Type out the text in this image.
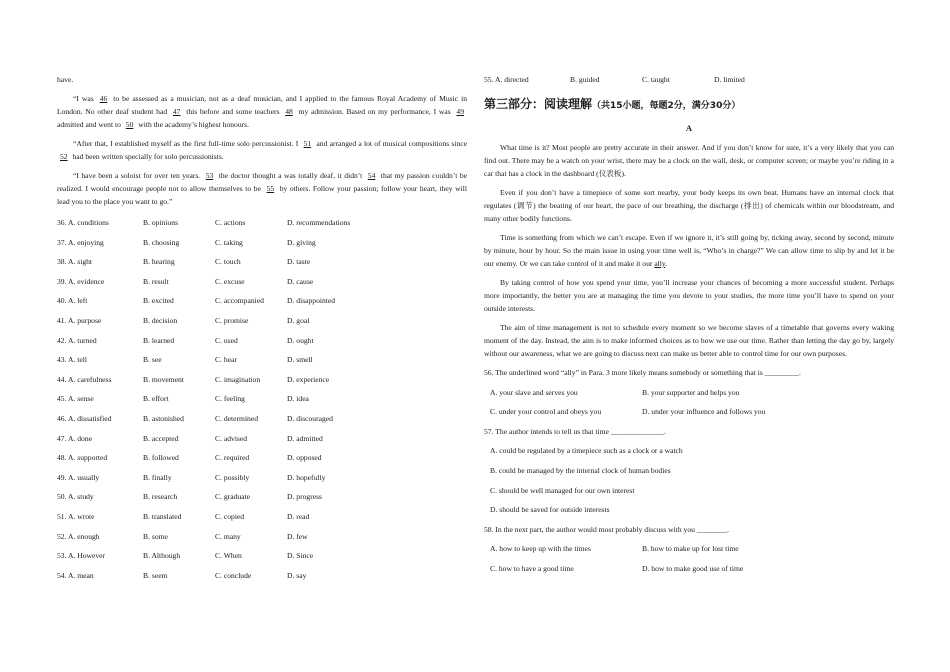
have.

“I was 46 to be assessed as a musician, not as a deaf musician, and I applied to the famous Royal Academy of Music in London. No other deaf student had 47 this before and some teachers 48 my admission. Based on my performance, I was 49 admitted and went to 50 with the academy’s highest honours.

“After that, I established myself as the first full-time solo percussionist. I 51 and arranged a lot of musical compositions since 52 had been written specially for solo percussionists.

“I have been a soloist for over ten years. 53 the doctor thought a was totally deaf, it didn’t 54 that my passion couldn’t be realized. I would encourage people not to allow themselves to be 55 by others. Follow your passion; follow your heart, they will lead you to the place you want to go.”

36. A. conditions	B. opinions	C. actions	D. recommendations
37. A. enjoying	B. choosing	C. taking	D. giving
38. A. sight	B. hearing	C. touch	D. taste
39. A. evidence	B. result	C. excuse	D. cause
40. A. left	B. excited	C. accompanied	D. disappointed
41. A. purpose	B. decision	C. promise	D. goal
42. A. turned	B. learned	C. used	D. ought
43. A. tell	B. see	C. hear	D. smell
44. A. carefulness	B. movement	C. imagination	D. experience
45. A. sense	B. effort	C. feeling	D. idea
46. A. dissatisfied	B. astonished	C. determined	D. discouraged
47. A. done	B. accepted	C. advised	D. admitted
48. A. supported	B. followed	C. required	D. opposed
49. A. usually	B. finally	C. possibly	D. hopefully
50. A. study	B. research	C. graduate	D. progress
51. A. wrote	B. translated	C. copied	D. read
52. A. enough	B. some	C. many	D. few
53. A. However	B. Although	C. When	D. Since
54. A. mean	B. seem	C. conclude	D. say
55. A. directed	B. guided	C. taught	D. limited
第三部分：阅读理解（共15小题，每题2分，满分30分）
A

What time is it? Most people are pretty accurate in their answer. And if you don’t know for sure, it’s a very likely that you can find out. There may be a watch on your wrist, there may be a clock on the wall, desk, or computer screen; or maybe you’re riding in a car that has a clock in the dashboard (仪表板).

Even if you don’t have a timepiece of some sort nearby, your body keeps its own beat. Humans have an internal clock that regulates (调节) the beating of our heart, the pace of our breathing, the discharge (排出) of chemicals within our bloodstream, and many other bodily functions.

Time is something from which we can’t escape. Even if we ignore it, it’s still going by, ticking away, second by second, minute by minute, hour by hour. So the main issue in using your time well is, “Who’s in charge?” We can allow time to slip by and let it be our enemy. Or we can take control of it and make it our ally.

By taking control of how you spend your time, you’ll increase your chances of becoming a more successful student. Perhaps more importantly, the better you are at managing the time you devote to your studies, the more time you’ll have to spend on your outside interests.

The aim of time management is not to schedule every moment so we become slaves of a timetable that governs every waking moment of the day. Instead, the aim is to make informed choices as to how we use our time. Rather than letting the day go by, largely without our awareness, what we are going to discuss next can make us better able to control time for our own purposes.

56. The underlined word “ally” in Para. 3 more likely means somebody or something that is _________.
A. your slave and serves you	B. your supporter and helps you
C. under your control and obeys you	D. under your influence and follows you
57. The author intends to tell us that time ______________.
A. could be regulated by a timepiece such as a clock or a watch
B. could be managed by the internal clock of human bodies
C. should be well managed for our own interest
D. should be saved for outside interests
58. In the next part, the author would most probably discuss with you ________.
A. how to keep up with the times	B. how to make up for lost time
C. how to have a good time	D. how to make good use of time
